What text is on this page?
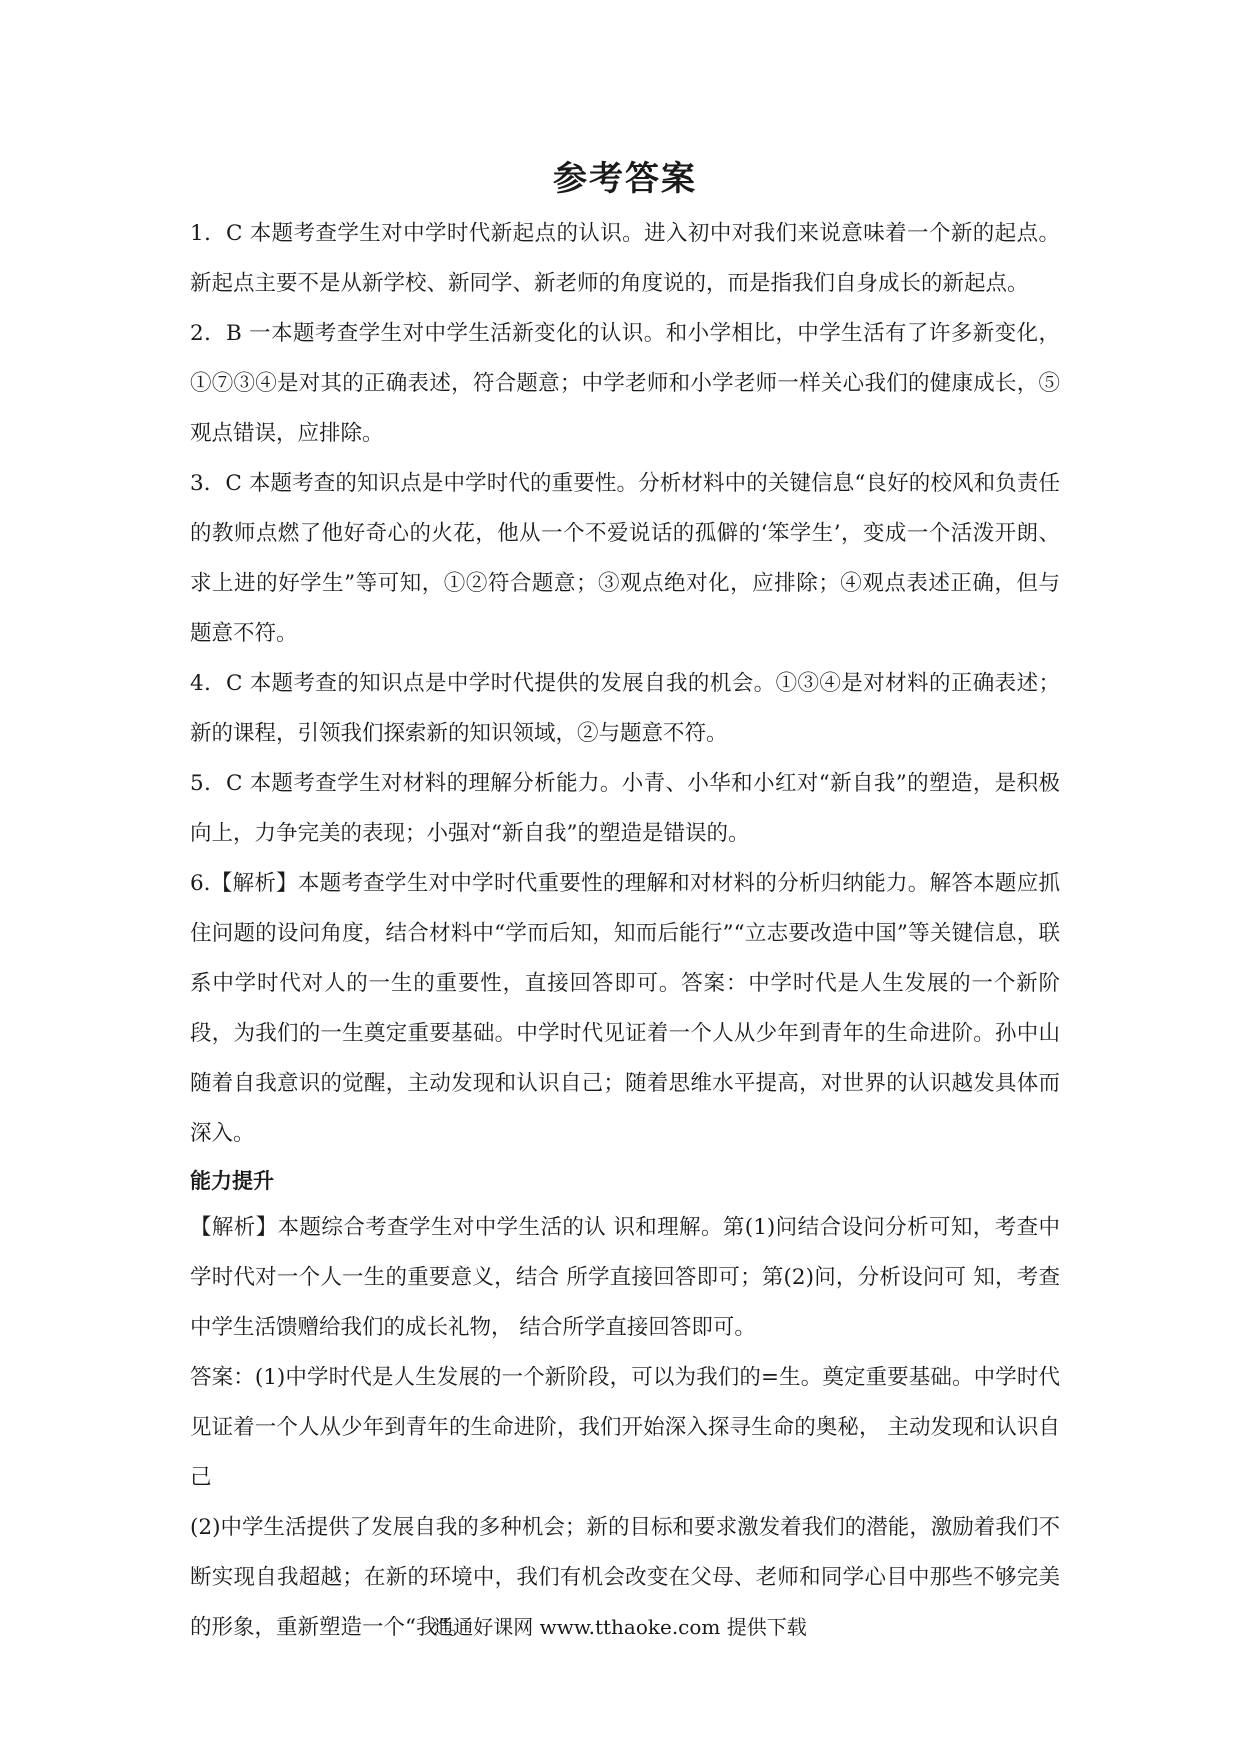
参考答案

1．C 本题考查学生对中学时代新起点的认识。进入初中对我们来说意味着一个新的起点。新起点主要不是从新学校、新同学、新老师的角度说的，而是指我们自身成长的新起点。

2．B 一本题考查学生对中学生活新变化的认识。和小学相比，中学生活有了许多新变化，①⑦③④是对其的正确表述，符合题意；中学老师和小学老师一样关心我们的健康成长，⑤观点错误，应排除。

3．C 本题考查的知识点是中学时代的重要性。分析材料中的关键信息“良好的校风和负责任的教师点燃了他好奇心的火花，他从一个不爱说话的孤僻的‘笨学生’，变成一个活泼开朗、求上进的好学生”等可知，①②符合题意；③观点绝对化，应排除；④观点表述正确，但与题意不符。

4．C 本题考查的知识点是中学时代提供的发展自我的机会。①③④是对材料的正确表述；新的课程，引领我们探索新的知识领域，②与题意不符。

5．C 本题考查学生对材料的理解分析能力。小青、小华和小红对“新自我”的塑造，是积极向上，力争完美的表现；小强对“新自我”的塑造是错误的。

6.【解析】本题考查学生对中学时代重要性的理解和对材料的分析归纳能力。解答本题应抓住问题的设问角度，结合材料中“学而后知，知而后能行”“立志要改造中国”等关键信息，联系中学时代对人的一生的重要性，直接回答即可。答案：中学时代是人生发展的一个新阶段，为我们的一生奠定重要基础。中学时代见证着一个人从少年到青年的生命进阶。孙中山随着自我意识的觉醒，主动发现和认识自己；随着思维水平提高，对世界的认识越发具体而深入。

能力提升

【解析】本题综合考查学生对中学生活的认 识和理解。第(1)问结合设问分析可知，考查中学时代对一个人一生的重要意义，结合 所学直接回答即可；第(2)问，分析设问可 知，考查中学生活馈赠给我们的成长礼物， 结合所学直接回答即可。

答案：(1)中学时代是人生发展的一个新阶段，可以为我们的=生。奠定重要基础。中学时代见证着一个人从少年到青年的生命进阶，我们开始深入探寻生命的奥秘， 主动发现和认识自己

(2)中学生活提供了发展自我的多种机会；新的目标和要求激发着我们的潜能，激励着我们不断实现自我超越；在新的环境中，我们有机会改变在父母、老师和同学心目中那些不够完美的形象，重新塑造一个“我”。

通通好课网 www.tthaoke.com 提供下载
